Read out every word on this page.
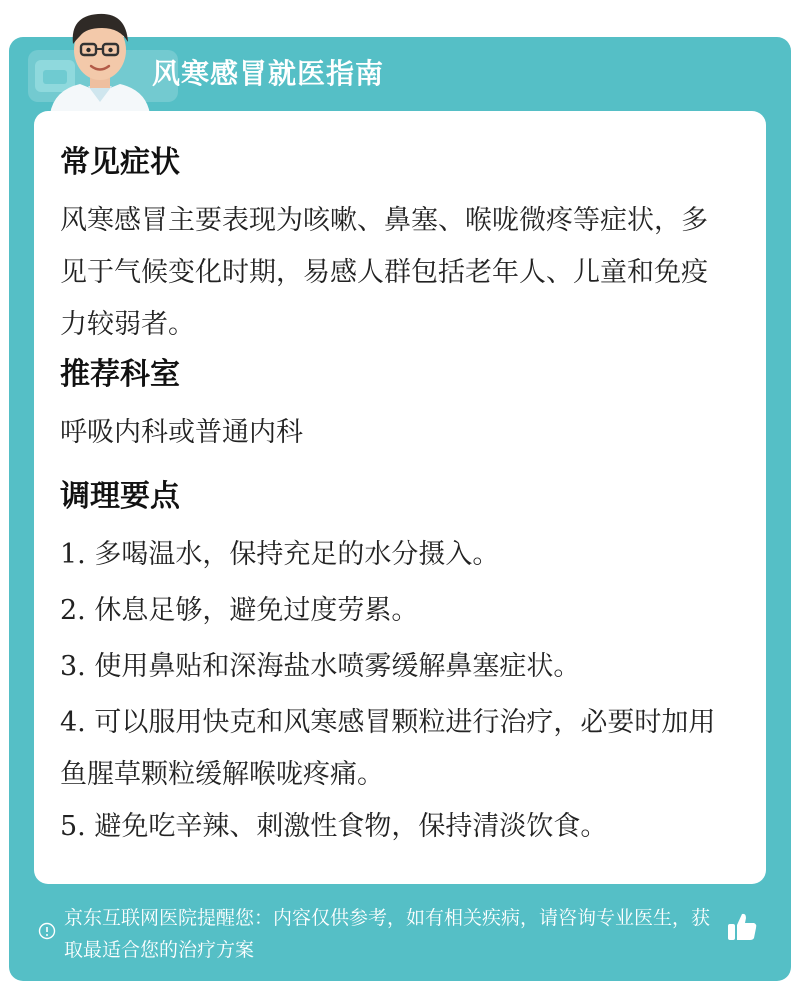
风寒感冒就医指南
常见症状

风寒感冒主要表现为咳嗽、鼻塞、喉咙微疼等症状，多见于气候变化时期，易感人群包括老年人、儿童和免疫力较弱者。

推荐科室

呼吸内科或普通内科

调理要点

1. 多喝温水，保持充足的水分摄入。

2. 休息足够，避免过度劳累。

3. 使用鼻贴和深海盐水喷雾缓解鼻塞症状。

4. 可以服用快克和风寒感冒颗粒进行治疗，必要时加用鱼腥草颗粒缓解喉咙疼痛。

5. 避免吃辛辣、刺激性食物，保持清淡饮食。

京东互联网医院提醒您：内容仅供参考，如有相关疾病，请咨询专业医生，获取最适合您的治疗方案
